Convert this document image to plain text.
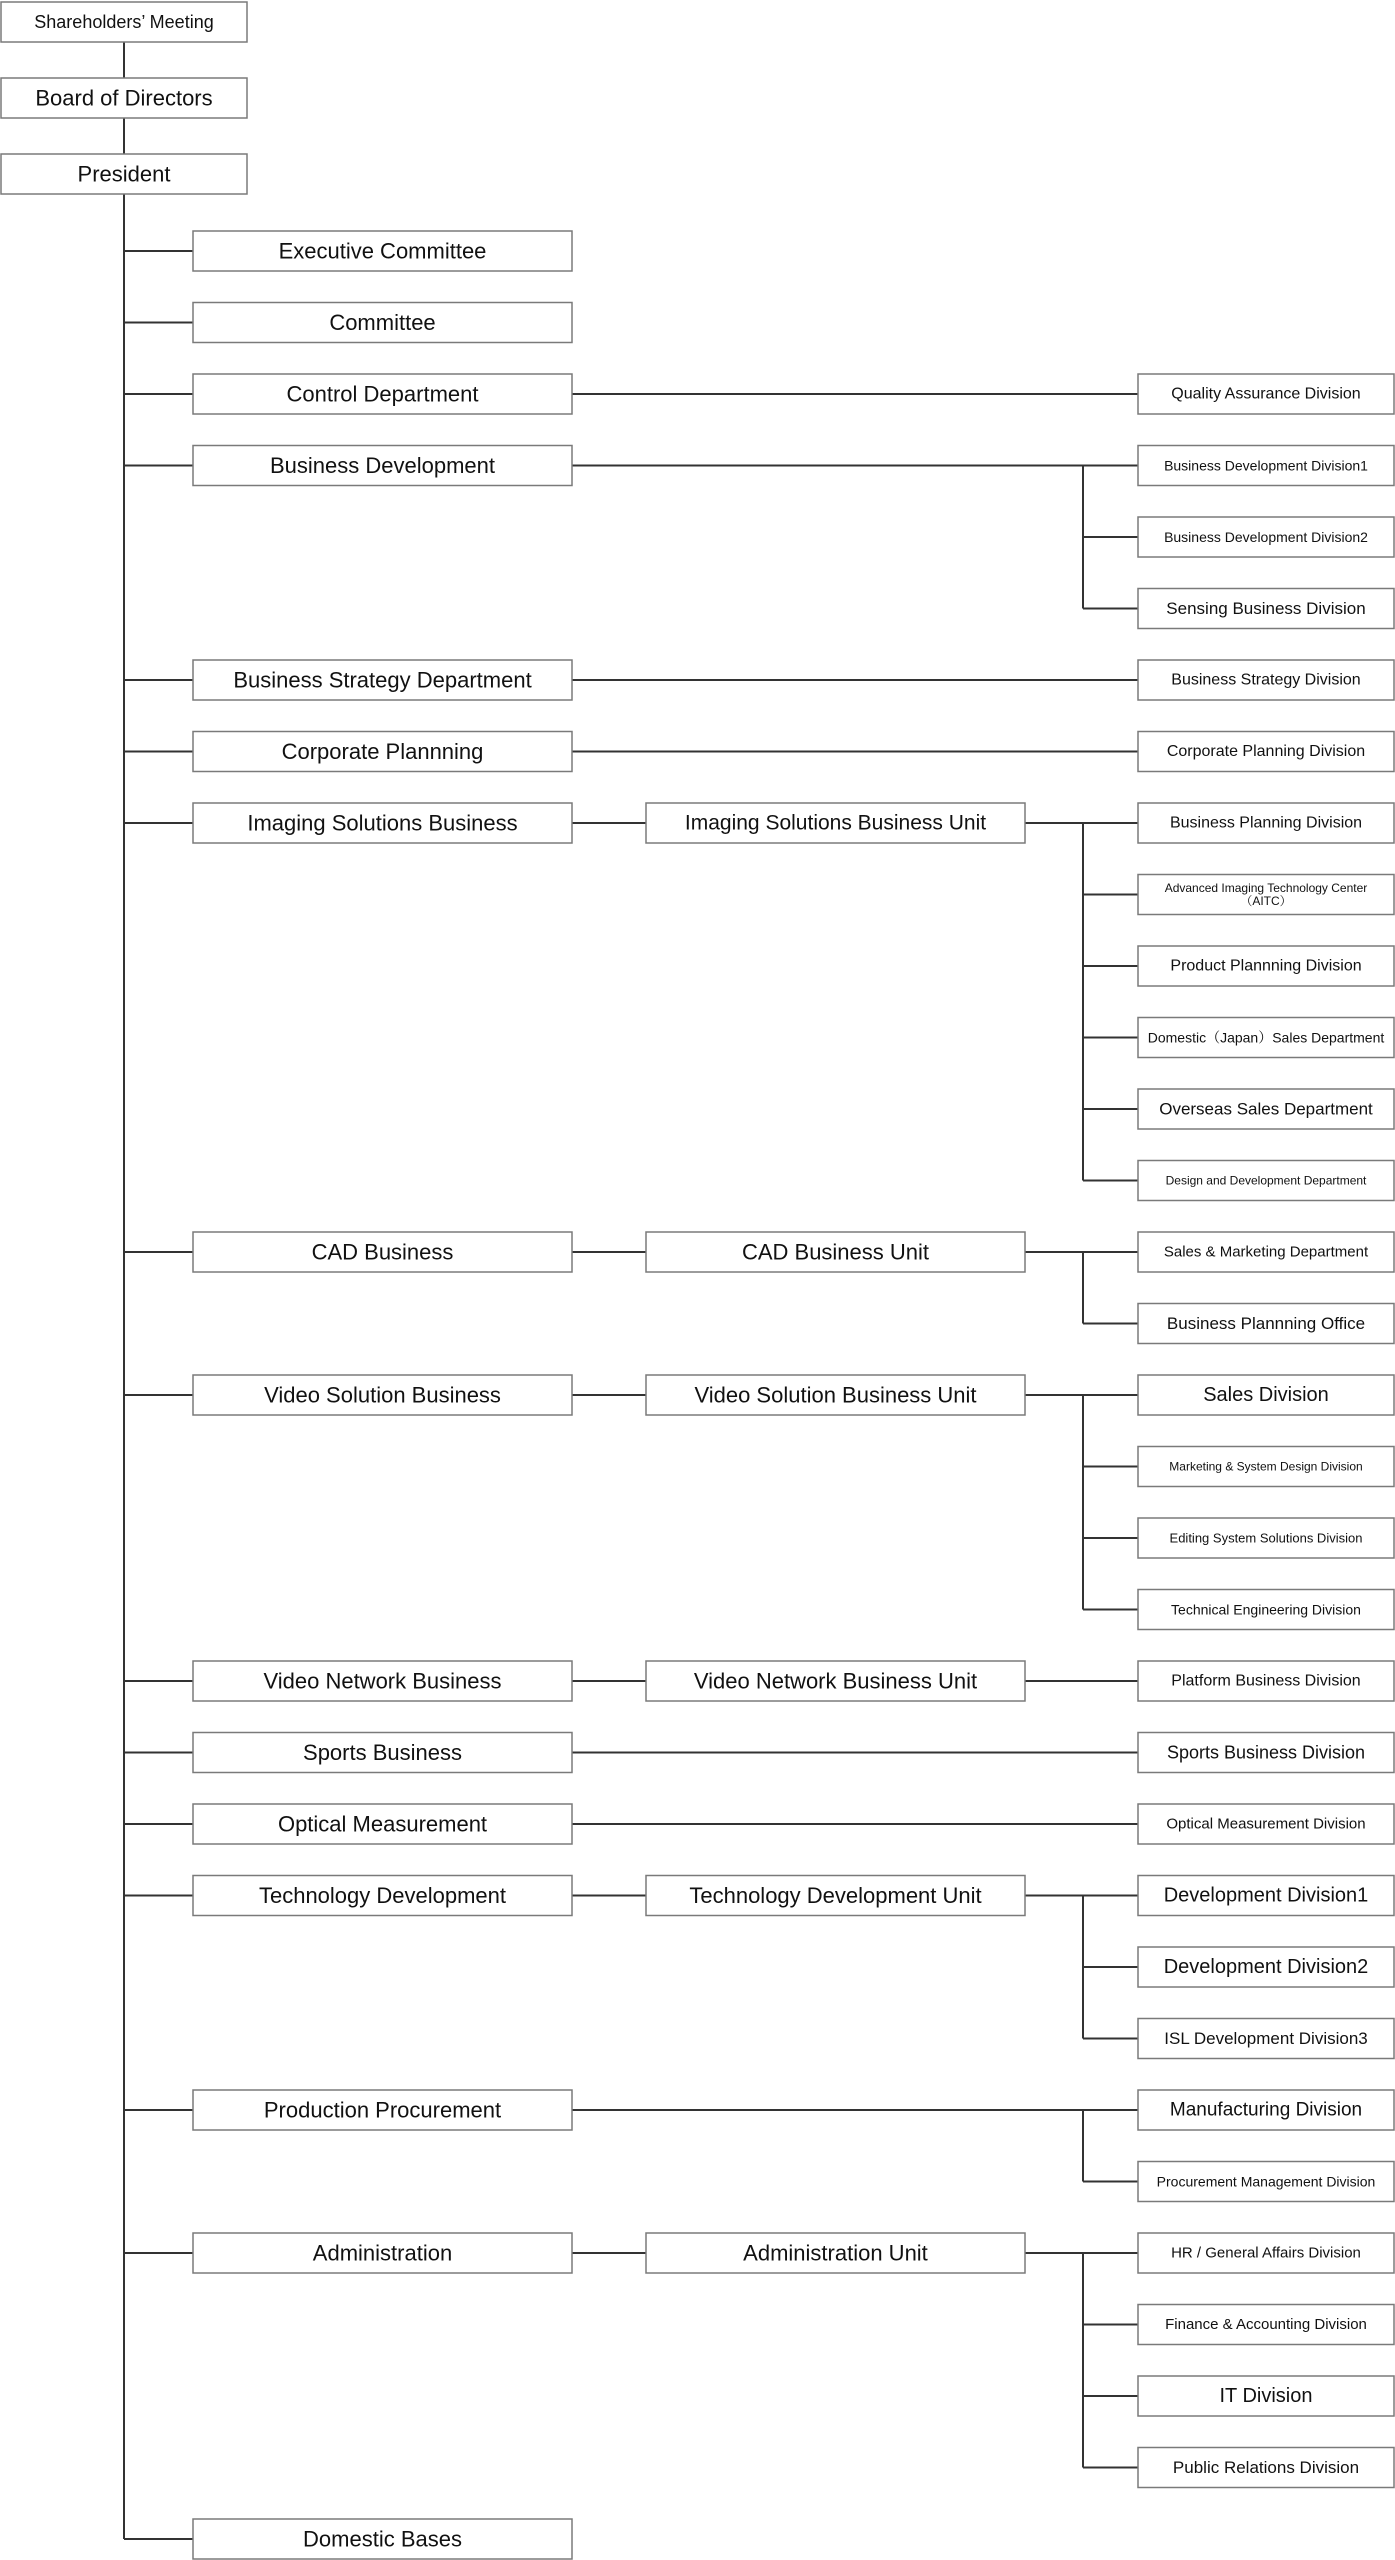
Shareholders’ Meeting
Board of Directors
President
Executive Committee
Committee
Control Department	Quality Assurance Division
Business Development	Business Development Division1
Business Development Division2
Sensing Business Division
Business Strategy Department	Business Strategy Division
Corporate Plannning	Corporate Planning Division
Imaging Solutions Business	Imaging Solutions Business Unit	Business Planning Division
Advanced Imaging Technology Center （AITC）
Product Plannning Division
Domestic（Japan）Sales Department
Overseas Sales Department
Design and Development Department
CAD Business	CAD Business Unit	Sales & Marketing Department
Business Plannning Office
Video Solution Business	Video Solution Business Unit	Sales Division
Marketing & System Design Division
Editing System Solutions Division
Technical Engineering Division
Video Network Business	Video Network Business Unit	Platform Business Division
Sports Business	Sports Business Division
Optical Measurement	Optical Measurement Division
Technology Development	Technology Development Unit	Development Division1
Development Division2
ISL Development Division3
Production Procurement	Manufacturing Division
Procurement Management Division
Administration	Administration Unit	HR / General Affairs Division
Finance & Accounting Division
IT Division
Public Relations Division
Domestic Bases
